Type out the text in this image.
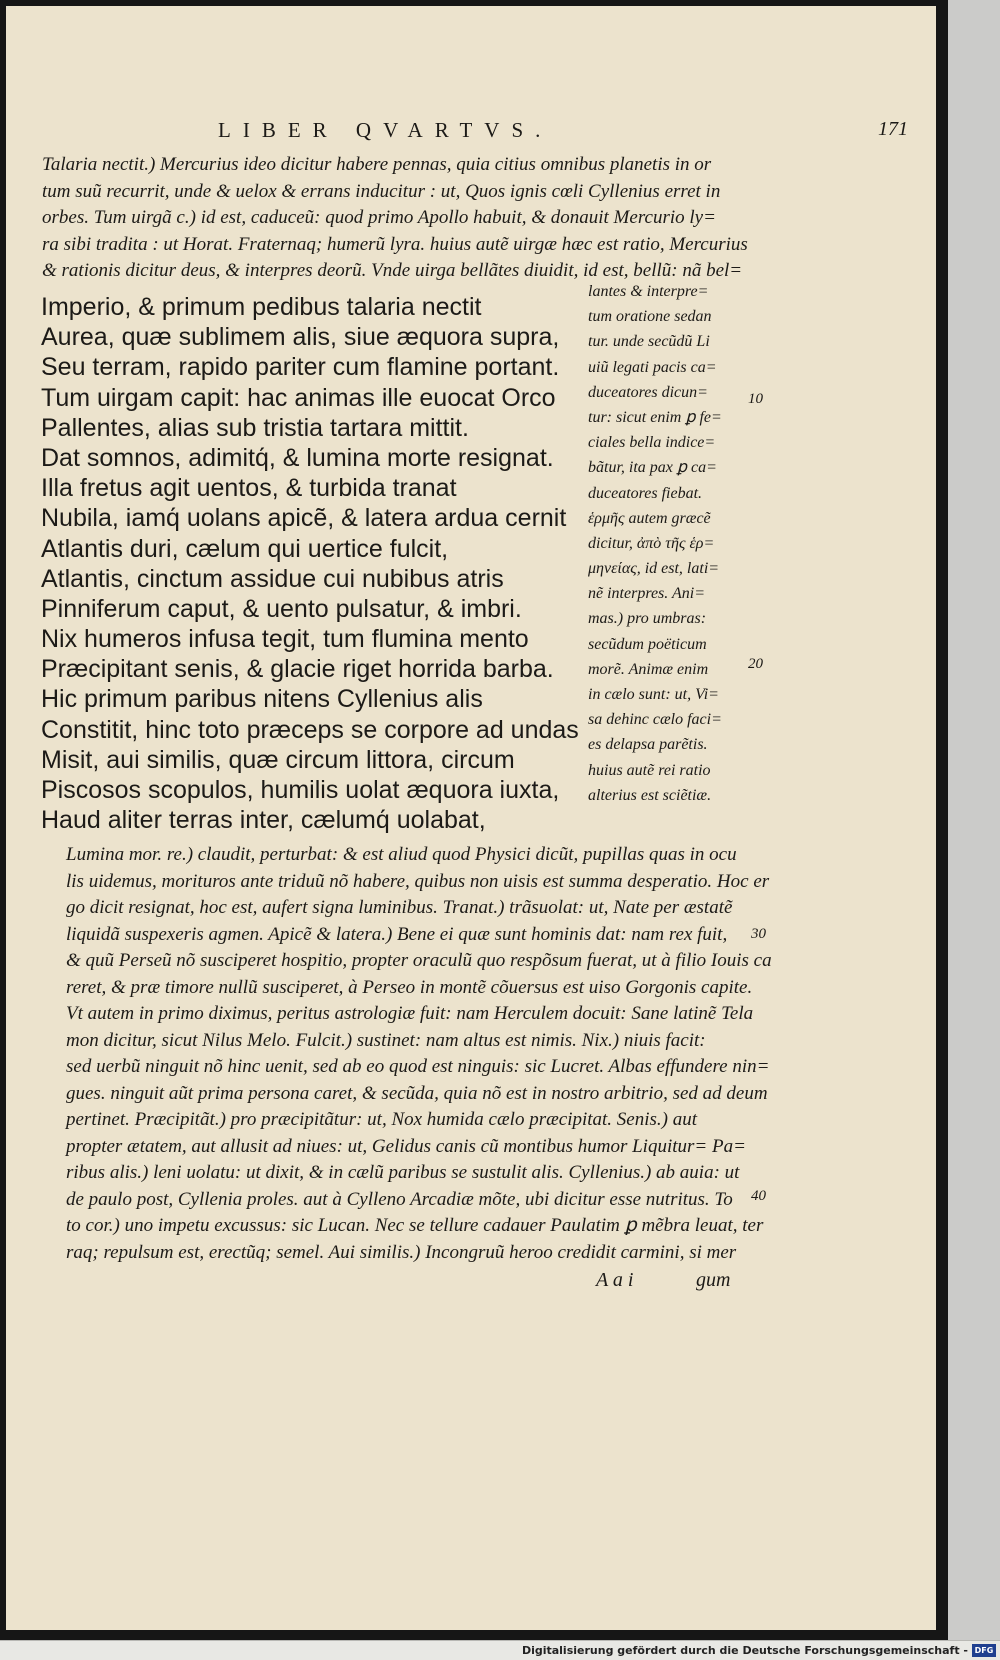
LIBER QVARTVS.	171
Talaria nectit.) Mercurius ideo dicitur habere pennas, quia citius omnibus planetis in or
tum suũ recurrit, unde & uelox & errans inducitur : ut, Quos ignis cœli Cyllenius erret in
orbes. Tum uirgã c.) id est, caduceũ: quod primo Apollo habuit, & donauit Mercurio ly=
ra sibi tradita : ut Horat. Fraternaq; humerũ lyra. huius autẽ uirgæ hæc est ratio, Mercurius
& rationis dicitur deus, & interpres deorũ. Vnde uirga bellãtes diuidit, id est, bellũ: nã bel=
Imperio, & primum pedibus talaria nectit
Aurea, quæ sublimem alis, siue æquora supra,
Seu terram, rapido pariter cum flamine portant.
Tum uirgam capit: hac animas ille euocat Orco
Pallentes, alias sub tristia tartara mittit.
Dat somnos, adimitq́, & lumina morte resignat.
Illa fretus agit uentos, & turbida tranat
Nubila, iamq́ uolans apicẽ, & latera ardua cernit
Atlantis duri, cælum qui uertice fulcit,
Atlantis, cinctum assidue cui nubibus atris
Pinniferum caput, & uento pulsatur, & imbri.
Nix humeros infusa tegit, tum flumina mento
Præcipitant senis, & glacie riget horrida barba.
Hic primum paribus nitens Cyllenius alis
Constitit, hinc toto præceps se corpore ad undas
Misit, aui similis, quæ circum littora, circum
Piscosos scopulos, humilis uolat æquora iuxta,
Haud aliter terras inter, cælumq́ uolabat,
lantes & interpre=
tum oratione sedan
tur. unde secũdũ Li
uiũ legati pacis ca=
duceatores dicun=
tur: sicut enim ꝑ fe=
ciales bella indice=
bãtur, ita pax ꝑ ca=
duceatores fiebat.
ἑρμῆς autem græcẽ
dicitur, ἀπὸ τῆς ἑρ=
μηνείας, id est, lati=
nẽ interpres. Ani=
mas.) pro umbras:
secũdum poëticum
morẽ. Animæ enim
in cælo sunt: ut, Vi=
sa dehinc cælo faci=
es delapsa parẽtis.
huius autẽ rei ratio
alterius est sciẽtiæ.
10
20
30
40
Lumina mor. re.) claudit, perturbat: & est aliud quod Physici dicũt, pupillas quas in ocu
lis uidemus, morituros ante triduũ nõ habere, quibus non uisis est summa desperatio. Hoc er
go dicit resignat, hoc est, aufert signa luminibus. Tranat.) trãsuolat: ut, Nate per æstatẽ
liquidã suspexeris agmen. Apicẽ & latera.) Bene ei quæ sunt hominis dat: nam rex fuit,
& quũ Perseũ nõ susciperet hospitio, propter oraculũ quo respõsum fuerat, ut à filio Iouis ca
reret, & præ timore nullũ susciperet, à Perseo in montẽ cõuersus est uiso Gorgonis capite.
Vt autem in primo diximus, peritus astrologiæ fuit: nam Herculem docuit: Sane latinẽ Tela
mon dicitur, sicut Nilus Melo. Fulcit.) sustinet: nam altus est nimis. Nix.) niuis facit:
sed uerbũ ninguit nõ hinc uenit, sed ab eo quod est ninguis: sic Lucret. Albas effundere nin=
gues. ninguit aũt prima persona caret, & secũda, quia nõ est in nostro arbitrio, sed ad deum
pertinet. Præcipitãt.) pro præcipitãtur: ut, Nox humida cælo præcipitat. Senis.) aut
propter ætatem, aut allusit ad niues: ut, Gelidus canis cũ montibus humor Liquitur= Pa=
ribus alis.) leni uolatu: ut dixit, & in cælũ paribus se sustulit alis. Cyllenius.) ab auia: ut
de paulo post, Cyllenia proles. aut à Cylleno Arcadiæ mõte, ubi dicitur esse nutritus. To
to cor.) uno impetu excussus: sic Lucan. Nec se tellure cadauer Paulatim ꝑ mẽbra leuat, ter
raq; repulsum est, erectũq; semel. Aui similis.) Incongruũ heroo credidit carmini, si mer
A a i	gum
Digitalisierung gefördert durch die Deutsche Forschungsgemeinschaft - DFG
